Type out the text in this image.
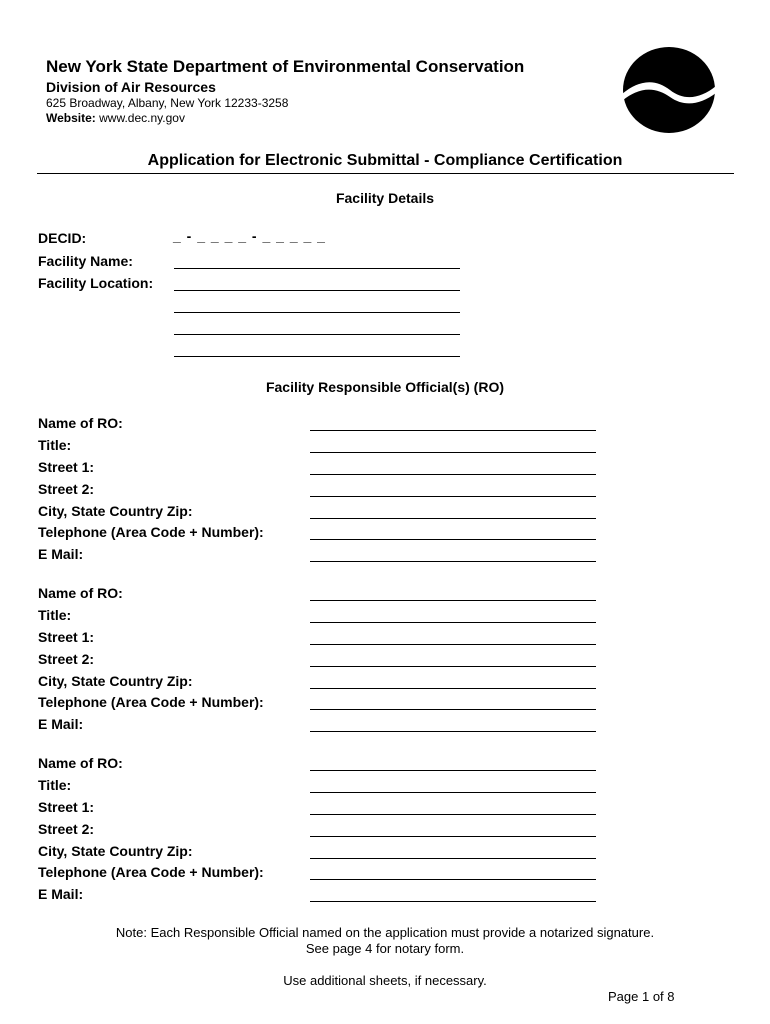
New York State Department of Environmental Conservation
Division of Air Resources
625 Broadway, Albany, New York 12233-3258
Website: www.dec.ny.gov
Application for Electronic Submittal - Compliance Certification
Facility Details
DECID:	_ - _ _ _ _ - _ _ _ _ _
Facility Name:
Facility Location:
Facility Responsible Official(s) (RO)
Name of RO:
Title:
Street 1:
Street 2:
City, State Country Zip:
Telephone (Area Code + Number):
E Mail:
Name of RO:
Title:
Street 1:
Street 2:
City, State Country Zip:
Telephone (Area Code + Number):
E Mail:
Name of RO:
Title:
Street 1:
Street 2:
City, State Country Zip:
Telephone (Area Code + Number):
E Mail:
Note: Each Responsible Official named on the application must provide a notarized signature.
See page 4 for notary form.
Use additional sheets, if necessary.
Page 1 of 8
